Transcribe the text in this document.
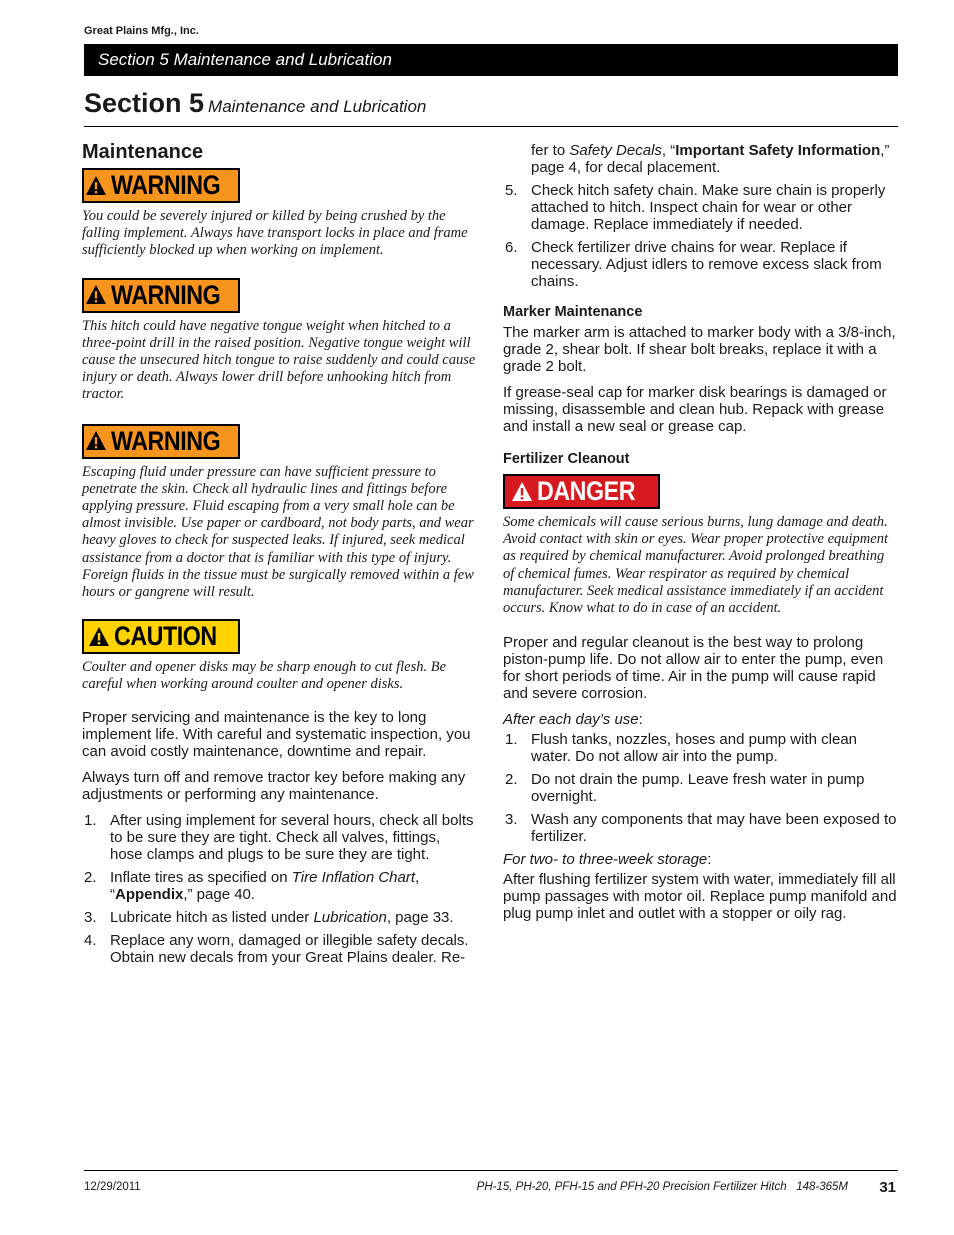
Great Plains Mfg., Inc.
Section 5 Maintenance and Lubrication
Section 5 Maintenance and Lubrication
Maintenance
WARNING

You could be severely injured or killed by being crushed by the falling implement. Always have transport locks in place and frame sufficiently blocked up when working on implement.

WARNING

This hitch could have negative tongue weight when hitched to a three-point drill in the raised position. Negative tongue weight will cause the unsecured hitch tongue to raise suddenly and could cause injury or death. Always lower drill before unhooking hitch from tractor.

WARNING

Escaping fluid under pressure can have sufficient pressure to penetrate the skin. Check all hydraulic lines and fittings before applying pressure. Fluid escaping from a very small hole can be almost invisible. Use paper or cardboard, not body parts, and wear heavy gloves to check for suspected leaks. If injured, seek medical assistance from a doctor that is familiar with this type of injury. Foreign fluids in the tissue must be surgically removed within a few hours or gangrene will result.

CAUTION

Coulter and opener disks may be sharp enough to cut flesh. Be careful when working around coulter and opener disks.

Proper servicing and maintenance is the key to long implement life. With careful and systematic inspection, you can avoid costly maintenance, downtime and repair.

Always turn off and remove tractor key before making any adjustments or performing any maintenance.

1. After using implement for several hours, check all bolts to be sure they are tight. Check all valves, fittings, hose clamps and plugs to be sure they are tight.
2. Inflate tires as specified on Tire Inflation Chart, “Appendix,” page 40.
3. Lubricate hitch as listed under Lubrication, page 33.
4. Replace any worn, damaged or illegible safety decals. Obtain new decals from your Great Plains dealer. Re-

fer to Safety Decals, “Important Safety Information,” page 4, for decal placement.

5. Check hitch safety chain. Make sure chain is properly attached to hitch. Inspect chain for wear or other damage. Replace immediately if needed.
6. Check fertilizer drive chains for wear. Replace if necessary. Adjust idlers to remove excess slack from chains.
Marker Maintenance

The marker arm is attached to marker body with a 3/8-inch, grade 2, shear bolt. If shear bolt breaks, replace it with a grade 2 bolt.

If grease-seal cap for marker disk bearings is damaged or missing, disassemble and clean hub. Repack with grease and install a new seal or grease cap.

Fertilizer Cleanout
DANGER

Some chemicals will cause serious burns, lung damage and death. Avoid contact with skin or eyes. Wear proper protective equipment as required by chemical manufacturer. Avoid prolonged breathing of chemical fumes. Wear respirator as required by chemical manufacturer. Seek medical assistance immediately if an accident occurs. Know what to do in case of an accident.

Proper and regular cleanout is the best way to prolong piston-pump life. Do not allow air to enter the pump, even for short periods of time. Air in the pump will cause rapid and severe corrosion.

After each day’s use:

1. Flush tanks, nozzles, hoses and pump with clean water. Do not allow air into the pump.
2. Do not drain the pump. Leave fresh water in pump overnight.
3. Wash any components that may have been exposed to fertilizer.

For two- to three-week storage:

After flushing fertilizer system with water, immediately fill all pump passages with motor oil. Replace pump manifold and plug pump inlet and outlet with a stopper or oily rag.

12/29/2011	PH-15, PH-20, PFH-15 and PFH-20 Precision Fertilizer Hitch   148-365M 31
